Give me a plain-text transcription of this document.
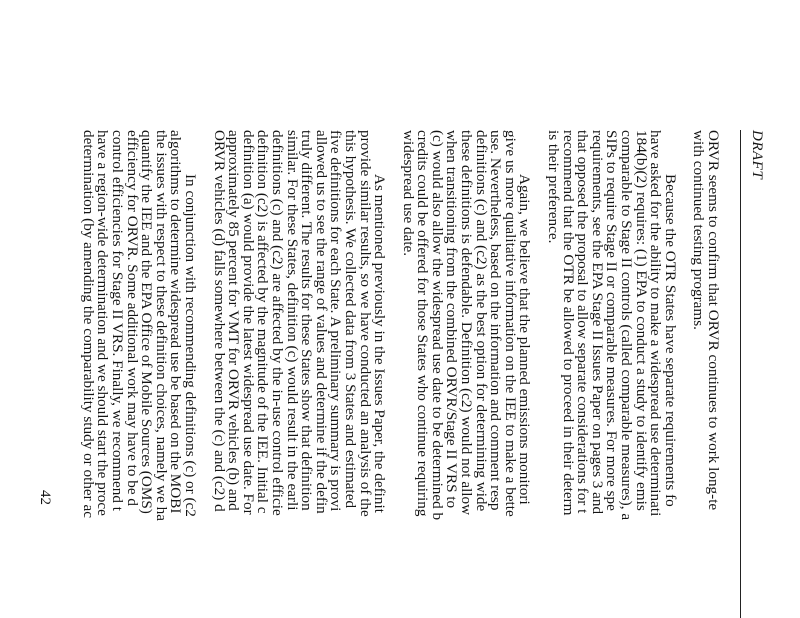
DRAFT
ORVR seems to confirm that ORVR continues to work long-te
with continued testing programs.
Because the OTR States have separate requirements fo
have asked for the ability to make a widespread use determinati
184(b)(2) requires: (1) EPA to conduct a study to identify emis
comparable to Stage II controls (called comparable measures), a
SIPs to require Stage II or comparable measures. For more spe
requirements, see the EPA Stage II Issues Paper on pages 3 and
that opposed the proposal to allow separate considerations for t
recommend that the OTR be allowed to proceed in their determ
is their preference.
Again, we believe that the planned emissions monitori
give us more qualitative information on the IEE to make a bette
use. Nevertheless, based on the information and comment resp
definitions (c) and (c2) as the best option for determining wide
these definitions is defendable. Definition (c2) would not allow
when transitioning from the combined ORVR/Stage II VRS to
(c) would also allow the widespread use date to be determined b
credits could be offered for those States who continue requiring
widespread use date.
As mentioned previously in the Issues Paper, the definit
provide similar results, so we have conducted an analysis of the
this hypothesis. We collected data from 3 States and estimated
five definitions for each State. A preliminary summary is provi
allowed us to see the range of values and determine if the defin
truly different. The results for these States show that definition
similar. For these States, definition (c) would result in the earli
definitions (c) and (c2) are affected by the in-use control efficie
definition (c2) is affected by the magnitude of the IEE. Initial c
definition (a) would provide the latest widespread use date. For
approximately 85 percent for VMT for ORVR vehicles (b) and
ORVR vehicles (d) falls somewhere between the (c) and (c2) d
In conjunction with recommending definitions (c) or (c2
algorithms to determine widespread use be based on the MOBI
the issues with respect to these definition choices, namely we ha
quantify the IEE and the EPA Office of Mobile Sources (OMS)
efficiency for ORVR. Some additional work may have to be d
control efficiencies for Stage II VRS. Finally, we recommend t
have a region-wide determination and we should start the proce
determination (by amending the comparability study or other ac
42
